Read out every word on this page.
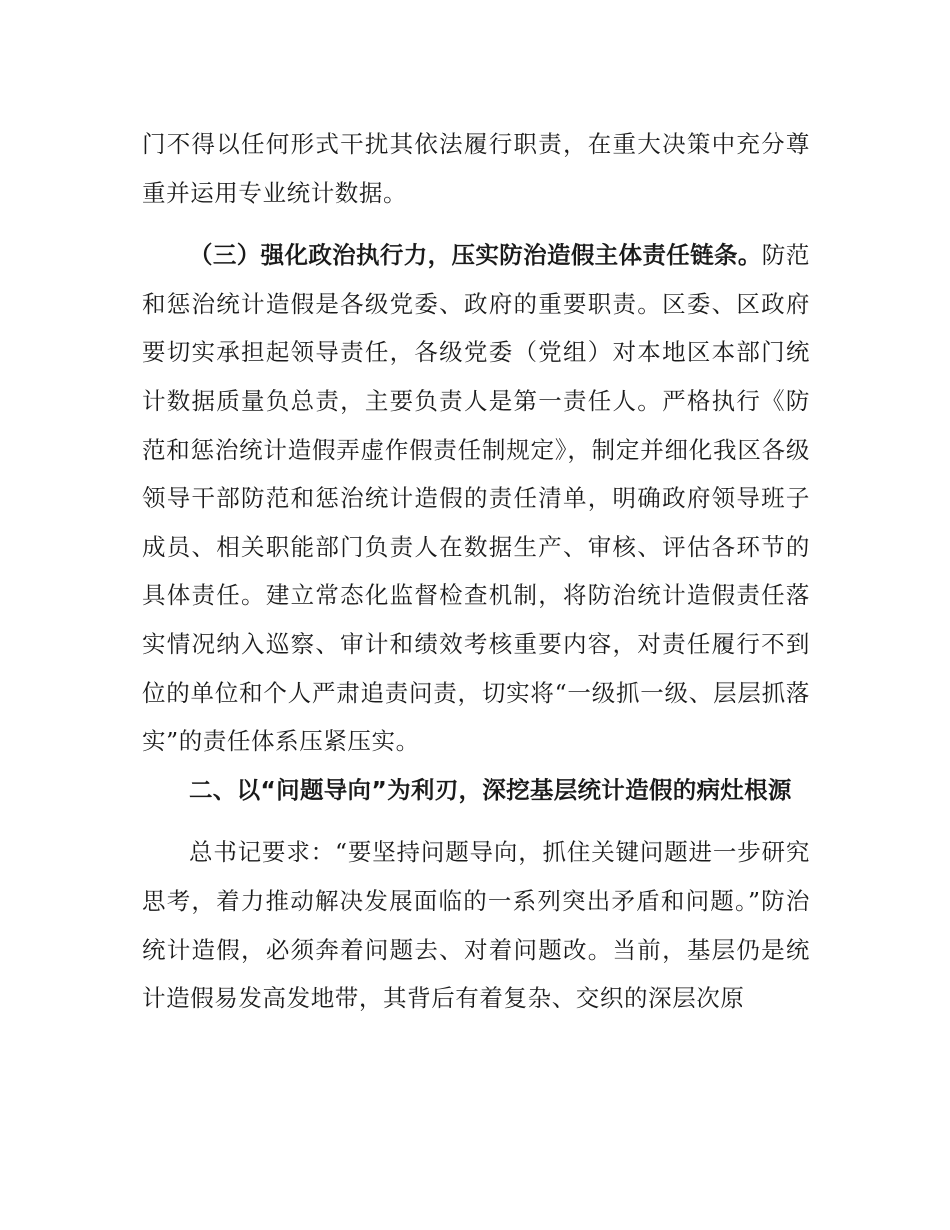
门不得以任何形式干扰其依法履行职责，在重大决策中充分尊重并运用专业统计数据。

（三）强化政治执行力，压实防治造假主体责任链条。防范和惩治统计造假是各级党委、政府的重要职责。区委、区政府要切实承担起领导责任，各级党委（党组）对本地区本部门统计数据质量负总责，主要负责人是第一责任人。严格执行《防范和惩治统计造假弄虚作假责任制规定》，制定并细化我区各级领导干部防范和惩治统计造假的责任清单，明确政府领导班子成员、相关职能部门负责人在数据生产、审核、评估各环节的具体责任。建立常态化监督检查机制，将防治统计造假责任落实情况纳入巡察、审计和绩效考核重要内容，对责任履行不到位的单位和个人严肃追责问责，切实将“一级抓一级、层层抓落实”的责任体系压紧压实。

二、以“问题导向”为利刃，深挖基层统计造假的病灶根源

总书记要求：“要坚持问题导向，抓住关键问题进一步研究思考，着力推动解决发展面临的一系列突出矛盾和问题。”防治统计造假，必须奔着问题去、对着问题改。当前，基层仍是统计造假易发高发地带，其背后有着复杂、交织的深层次原
